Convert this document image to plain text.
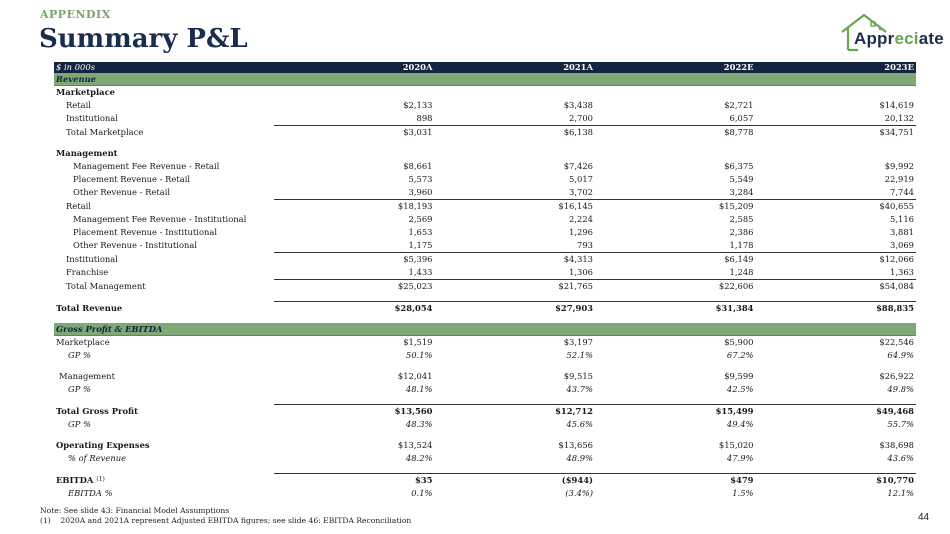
APPENDIX
Summary P&L	Appreciate
$ in 000s	2020A	2021A	2022E	2023E
Revenue				
Marketplace				
Retail	$2,133	$3,438	$2,721	$14,619
Institutional	898	2,700	6,057	20,132
Total Marketplace	$3,031	$6,138	$8,778	$34,751

Management				
Management Fee Revenue - Retail	$8,661	$7,426	$6,375	$9,992
Placement Revenue - Retail	5,573	5,017	5,549	22,919
Other Revenue - Retail	3,960	3,702	3,284	7,744
Retail	$18,193	$16,145	$15,209	$40,655
Management Fee Revenue - Institutional	2,569	2,224	2,585	5,116
Placement Revenue - Institutional	1,653	1,296	2,386	3,881
Other Revenue - Institutional	1,175	793	1,178	3,069
Institutional	$5,396	$4,313	$6,149	$12,066
Franchise	1,433	1,306	1,248	1,363
Total Management	$25,023	$21,765	$22,606	$54,084

Total Revenue	$28,054	$27,903	$31,384	$88,835

Gross Profit & EBITDA				
Marketplace	$1,519	$3,197	$5,900	$22,546
GP %	50.1%	52.1%	67.2%	64.9%

Management	$12,041	$9,515	$9,599	$26,922
GP %	48.1%	43.7%	42.5%	49.8%

Total Gross Profit	$13,560	$12,712	$15,499	$49,468
GP %	48.3%	45.6%	49.4%	55.7%

Operating Expenses	$13,524	$13,656	$15,020	$38,698
% of Revenue	48.2%	48.9%	47.9%	43.6%

EBITDA $^{(1)}$	$35	($944)	$479	$10,770
EBITDA %	0.1%	(3.4%)	1.5%	12.1%
Note: See slide 43: Financial Model Assumptions
(1) 2020A and 2021A represent Adjusted EBITDA figures; see slide 46: EBITDA Reconciliation	44
